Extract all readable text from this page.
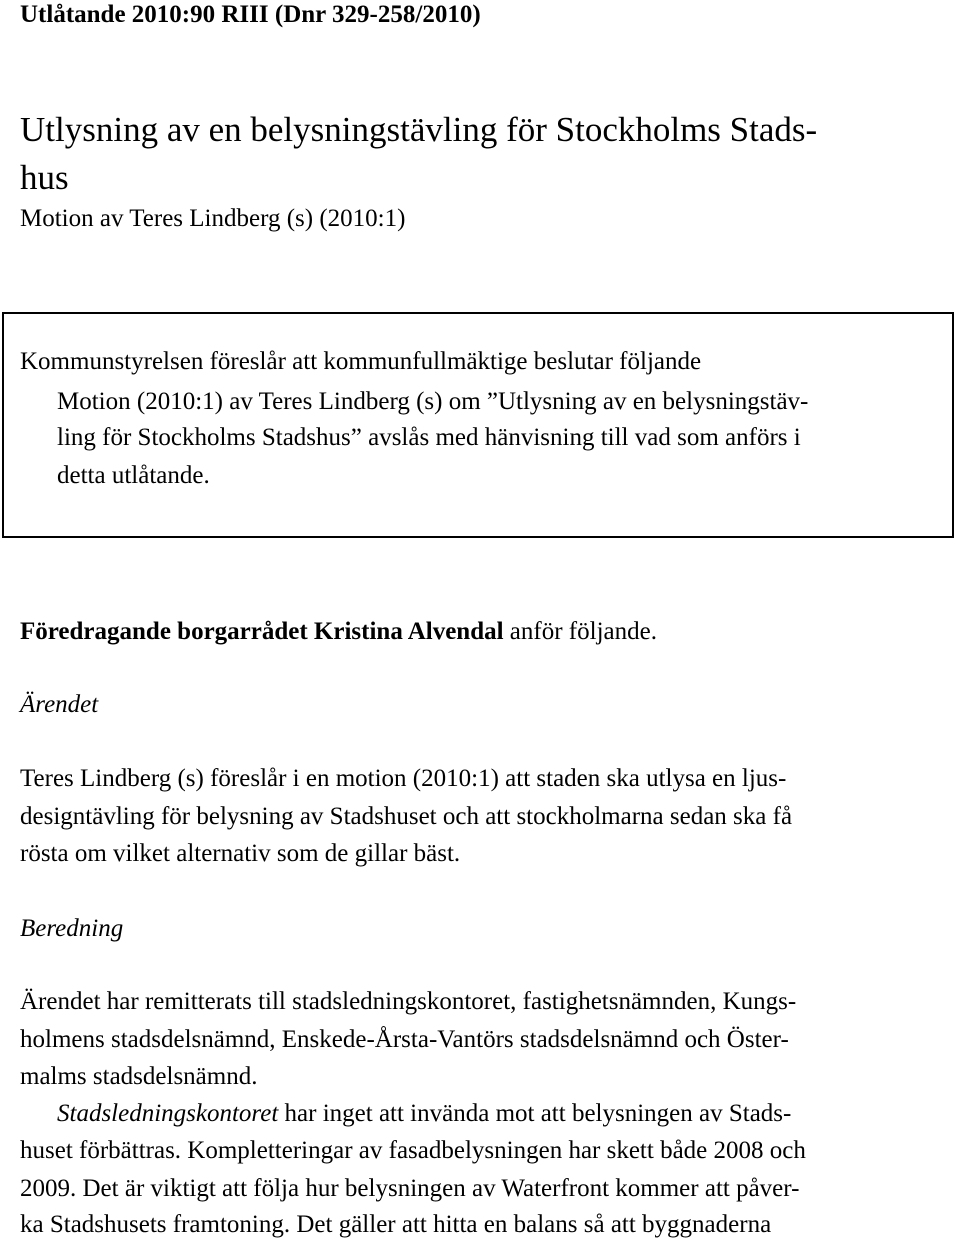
Utlåtande 2010:90 RIII (Dnr 329-258/2010)

Utlysning av en belysningstävling för Stockholms Stads-

hus

Motion av Teres Lindberg (s) (2010:1)

Kommunstyrelsen föreslår att kommunfullmäktige beslutar följande

Motion (2010:1) av Teres Lindberg (s) om ”Utlysning av en belysningstäv-

ling för Stockholms Stadshus” avslås med hänvisning till vad som anförs i

detta utlåtande.

Föredragande borgarrådet Kristina Alvendal anför följande.

Ärendet

Teres Lindberg (s) föreslår i en motion (2010:1) att staden ska utlysa en ljus-

designtävling för belysning av Stadshuset och att stockholmarna sedan ska få

rösta om vilket alternativ som de gillar bäst.

Beredning

Ärendet har remitterats till stadsledningskontoret, fastighetsnämnden, Kungs-

holmens stadsdelsnämnd, Enskede-Årsta-Vantörs stadsdelsnämnd och Öster-

malms stadsdelsnämnd.

Stadsledningskontoret har inget att invända mot att belysningen av Stads-

huset förbättras. Kompletteringar av fasadbelysningen har skett både 2008 och

2009. Det är viktigt att följa hur belysningen av Waterfront kommer att påver-

ka Stadshusets framtoning. Det gäller att hitta en balans så att byggnaderna
